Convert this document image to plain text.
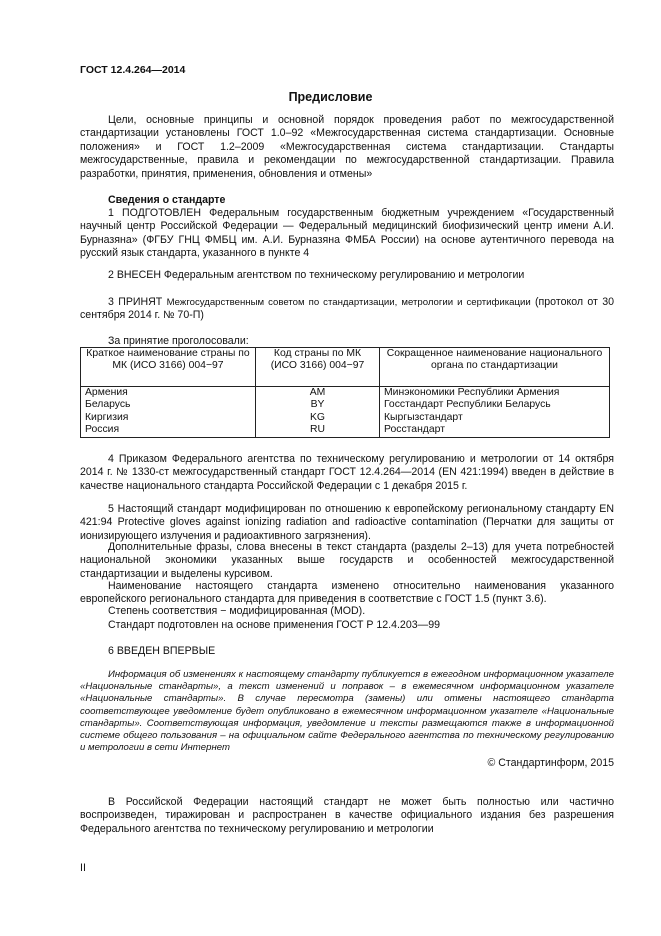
ГОСТ 12.4.264—2014
Предисловие
Цели, основные принципы и основной порядок проведения работ по межгосударственной стандартизации установлены ГОСТ 1.0–92 «Межгосударственная система стандартизации. Основные положения» и ГОСТ 1.2–2009 «Межгосударственная система стандартизации. Стандарты межгосударственные, правила и рекомендации по межгосударственной стандартизации. Правила разработки, принятия, применения, обновления и отмены»
Сведения о стандарте
1 ПОДГОТОВЛЕН Федеральным государственным бюджетным учреждением «Государственный научный центр Российской Федерации — Федеральный медицинский биофизический центр имени А.И. Бурназяна» (ФГБУ ГНЦ ФМБЦ им. А.И. Бурназяна ФМБА России) на основе аутентичного перевода на русский язык стандарта, указанного в пункте 4
2 ВНЕСЕН Федеральным агентством по техническому регулированию и метрологии
3 ПРИНЯТ Межгосударственным советом по стандартизации, метрологии и сертификации (протокол от 30 сентября 2014 г. № 70-П)
За принятие проголосовали:
Краткое наименование страны по МК (ИСО 3166) 004−97	Код страны по МК (ИСО 3166) 004−97	Сокращенное наименование национального органа по стандартизации
Армения	AM	Минэкономики Республики Армения
Беларусь	BY	Госстандарт Республики Беларусь
Киргизия	KG	Кыргызстандарт
Россия	RU	Росстандарт
4 Приказом Федерального агентства по техническому регулированию и метрологии от 14 октября 2014 г. № 1330-ст межгосударственный стандарт ГОСТ 12.4.264—2014 (EN 421:1994) введен в действие в качестве национального стандарта Российской Федерации с 1 декабря 2015 г.
5 Настоящий стандарт модифицирован по отношению к европейскому региональному стандарту EN 421:94 Protective gloves against ionizing radiation and radioactive contamination (Перчатки для защиты от ионизирующего излучения и радиоактивного загрязнения).
Дополнительные фразы, слова внесены в текст стандарта (разделы 2–13) для учета потребностей национальной экономики указанных выше государств и особенностей межгосударственной стандартизации и выделены курсивом.
Наименование настоящего стандарта изменено относительно наименования указанного европейского регионального стандарта для приведения в соответствие с ГОСТ 1.5 (пункт 3.6).
Степень соответствия − модифицированная (MOD).
Стандарт подготовлен на основе применения ГОСТ Р 12.4.203—99
6 ВВЕДЕН ВПЕРВЫЕ
Информация об изменениях к настоящему стандарту публикуется в ежегодном информационном указателе «Национальные стандарты», а текст изменений и поправок – в ежемесячном информационном указателе «Национальные стандарты». В случае пересмотра (замены) или отмены настоящего стандарта соответствующее уведомление будет опубликовано в ежемесячном информационном указателе «Национальные стандарты». Соответствующая информация, уведомление и тексты размещаются также в информационной системе общего пользования – на официальном сайте Федерального агентства по техническому регулированию и метрологии в сети Интернет
© Стандартинформ, 2015
В Российской Федерации настоящий стандарт не может быть полностью или частично воспроизведен, тиражирован и распространен в качестве официального издания без разрешения Федерального агентства по техническому регулированию и метрологии
II
